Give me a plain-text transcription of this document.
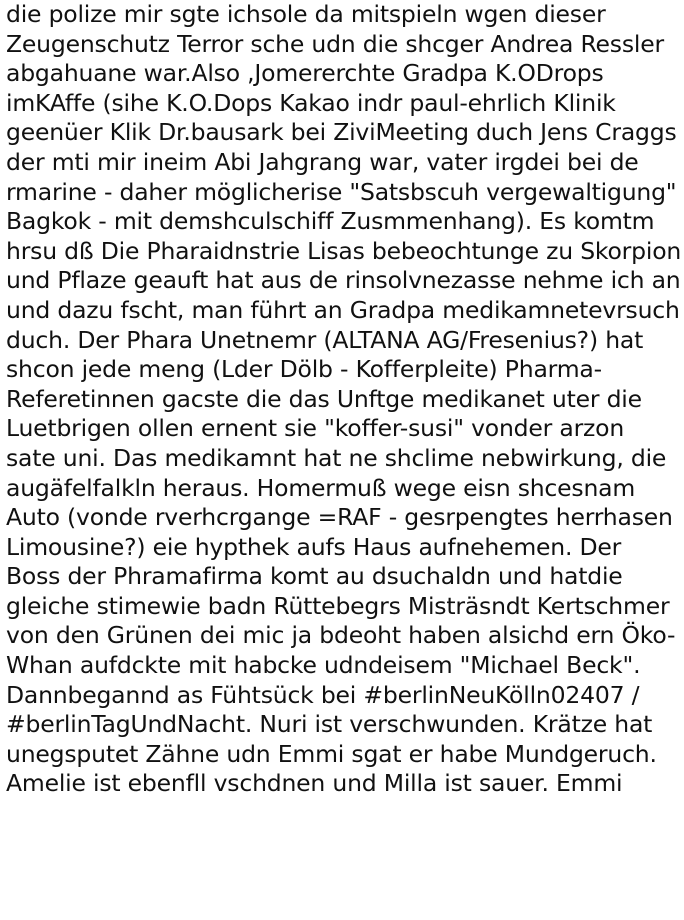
die polize mir sgte ichsole da mitspieln wgen dieser
Zeugenschutz Terror sche udn die shcger Andrea Ressler
abgahuane war.Also ,Jomererchte Gradpa K.ODrops
imKAffe (sihe K.O.Dops Kakao indr paul-ehrlich Klinik
geenüer Klik Dr.bausark bei ZiviMeeting duch Jens Craggs
der mti mir ineim Abi Jahgrang war, vater irgdei bei de
rmarine - daher möglicherise "Satsbscuh vergewaltigung"
Bagkok - mit demshculschiff Zusmmenhang). Es komtm
hrsu dß Die Pharaidnstrie Lisas bebeochtunge zu Skorpion
und Pflaze geauft hat aus de rinsolvnezasse nehme ich an
und dazu fscht, man führt an Gradpa medikamnetevrsuch
duch. Der Phara Unetnemr (ALTANA AG/Fresenius?) hat
shcon jede meng (Lder Dölb - Kofferpleite) Pharma-
Referetinnen gacste die das Unftge medikanet uter die
Luetbrigen ollen ernent sie "koffer-susi" vonder arzon
sate uni. Das medikamnt hat ne shclime nebwirkung, die
augäfelfalkln heraus. Homermuß wege eisn shcesnam
Auto (vonde rverhcrgange =RAF - gesrpengtes herrhasen
Limousine?) eie hypthek aufs Haus aufnehemen. Der
Boss der Phramafirma komt au dsuchaldn und hatdie
gleiche stimewie badn Rüttebegrs Misträsndt Kertschmer
von den Grünen dei mic ja bdeoht haben alsichd ern Öko-
Whan aufdckte mit habcke udndeisem "Michael Beck".
Dannbegannd as Fühtsück bei #berlinNeuKölln02407 /
#berlinTagUndNacht. Nuri ist verschwunden. Krätze hat
unegsputet Zähne udn Emmi sgat er habe Mundgeruch.
Amelie ist ebenfll vschdnen und Milla ist sauer. Emmi
